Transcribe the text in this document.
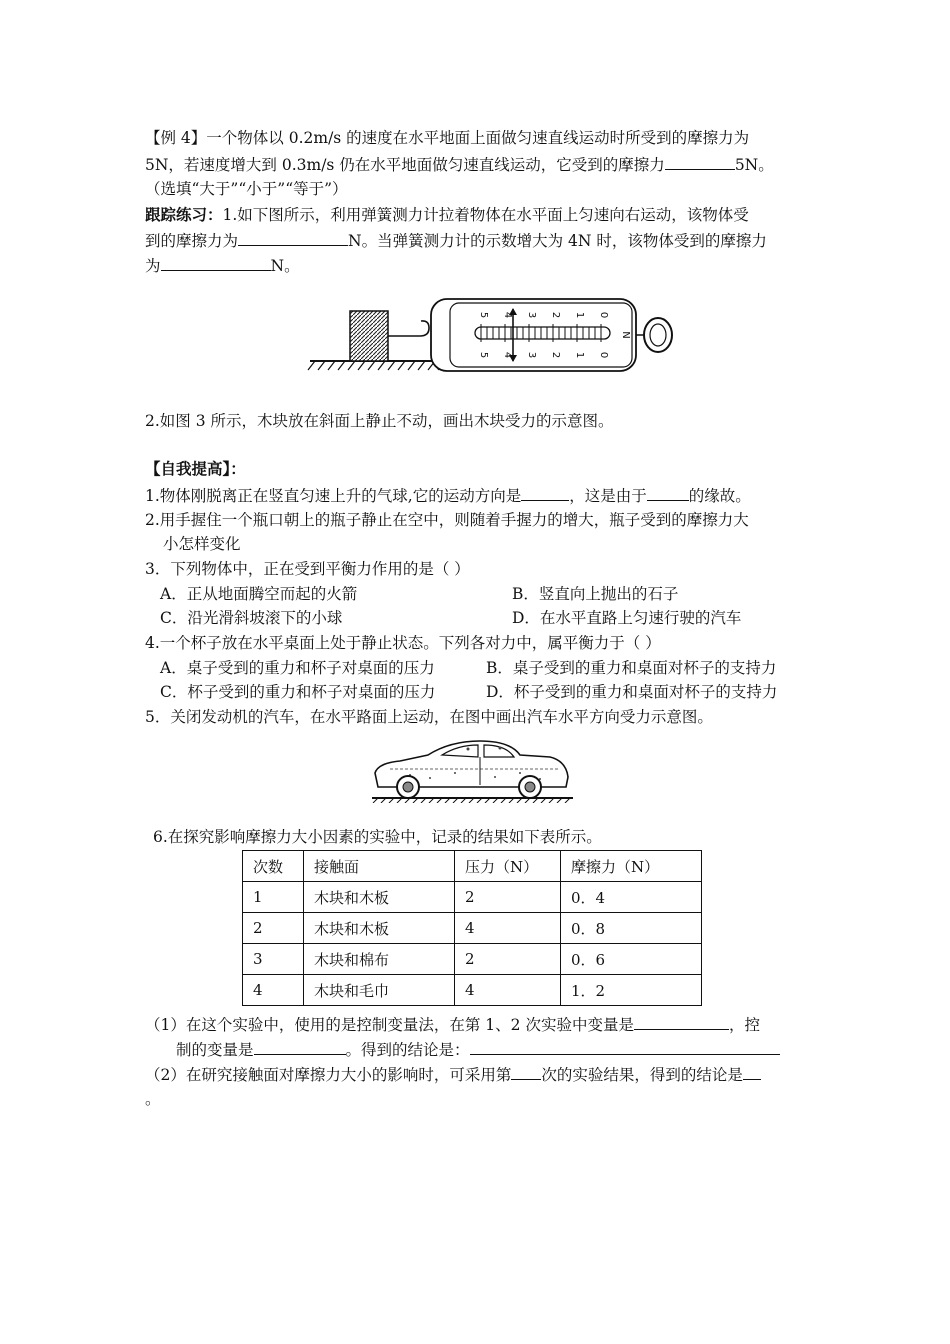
【例 4】一个物体以 0.2m/s 的速度在水平地面上面做匀速直线运动时所受到的摩擦力为
5N，若速度增大到 0.3m/s 仍在水平地面做匀速直线运动，它受到的摩擦力	5N。
（选填“大于”“小于”“等于”）
跟踪练习：1.如下图所示，利用弹簧测力计拉着物体在水平面上匀速向右运动，该物体受
到的摩擦力为	N。当弹簧测力计的示数增大为 4N 时，该物体受到的摩擦力
为	N。
5 4 3 2 1 0
5 4 3 2 1 0
N
2.如图 3 所示，木块放在斜面上静止不动，画出木块受力的示意图。
【自我提高】：
1.物体刚脱离正在竖直匀速上升的气球,它的运动方向是	，这是由于	的缘故。
2.用手握住一个瓶口朝上的瓶子静止在空中，则随着手握力的增大，瓶子受到的摩擦力大
小怎样变化
3．下列物体中，正在受到平衡力作用的是（ ）
A．正从地面腾空而起的火箭	B．竖直向上抛出的石子
C．沿光滑斜坡滚下的小球	D．在水平直路上匀速行驶的汽车
4.一个杯子放在水平桌面上处于静止状态。下列各对力中，属平衡力于（ ）
A．桌子受到的重力和杯子对桌面的压力	B．桌子受到的重力和桌面对杯子的支持力
C．杯子受到的重力和杯子对桌面的压力	D．杯子受到的重力和桌面对杯子的支持力
5．关闭发动机的汽车，在水平路面上运动，在图中画出汽车水平方向受力示意图。
6.在探究影响摩擦力大小因素的实验中，记录的结果如下表所示。
次数	接触面	压力（N）	摩擦力（N）
1	木块和木板	2	0．4
2	木块和木板	4	0．8
3	木块和棉布	2	0．6
4	木块和毛巾	4	1．2
（1）在这个实验中，使用的是控制变量法，在第 1、2 次实验中变量是	，控
制的变量是	。得到的结论是：
（2）在研究接触面对摩擦力大小的影响时，可采用第 次的实验结果，得到的结论是
。
